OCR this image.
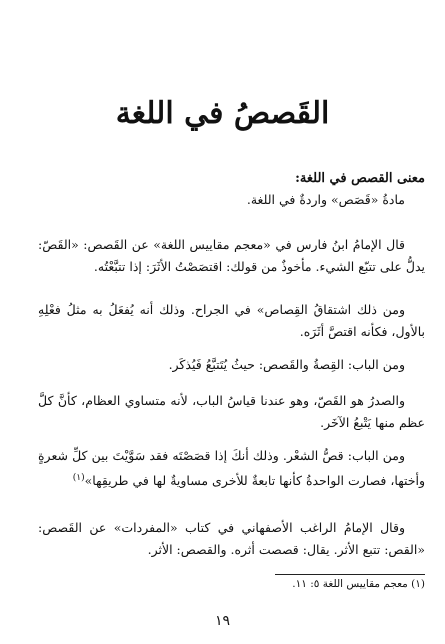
القَصصُ في اللغة
معنى القصص في اللغة:

مادةُ «قَصَص» واردةٌ في اللغة.

قال الإمامُ ابنُ فارس في «معجم مقاييس اللغة» عن القَصص: «القَصّ: يدلُّ على تتبّع الشيء. مأخوذٌ من قولك: اقتصَصْتُ الأثَرَ: إذا تتبَّعْتُه.

ومن ذلك اشتقاقُ القِصاص» في الجراح. وذلك أنه يُفعَلُ به مثلُ فعْلِهِ بالأول، فكأنه اقتصَّ أثَرَه.

ومن الباب: القِصةُ والقَصص: حيثُ يُتَتبَّعُ فَيُذكَر.

والصدرُ هو القَصّ، وهو عندنا قياسُ الباب، لأنه متساوي العظام، كأنَّ كلَّ عظم منها يَتْبعُ الآخَر.

ومن الباب: قصُّ الشعْر. وذلك أنكَ إذا قصَصْتَه فقد سَوَّيْتَ بين كلِّ شعرةٍ وأختها، فصارت الواحدةُ كأنها تابعةٌ للأخرى مساويةٌ لها في طريقِها»$^{(١)}$

وقال الإمامُ الراغب الأصفهاني في كتاب «المفردات» عن القَصص: «القص: تتبع الأثر. يقال: قصصت أثره. والقصص: الأثر.

(١) معجم مقاييس اللغة ٥: ١١.
١٩
